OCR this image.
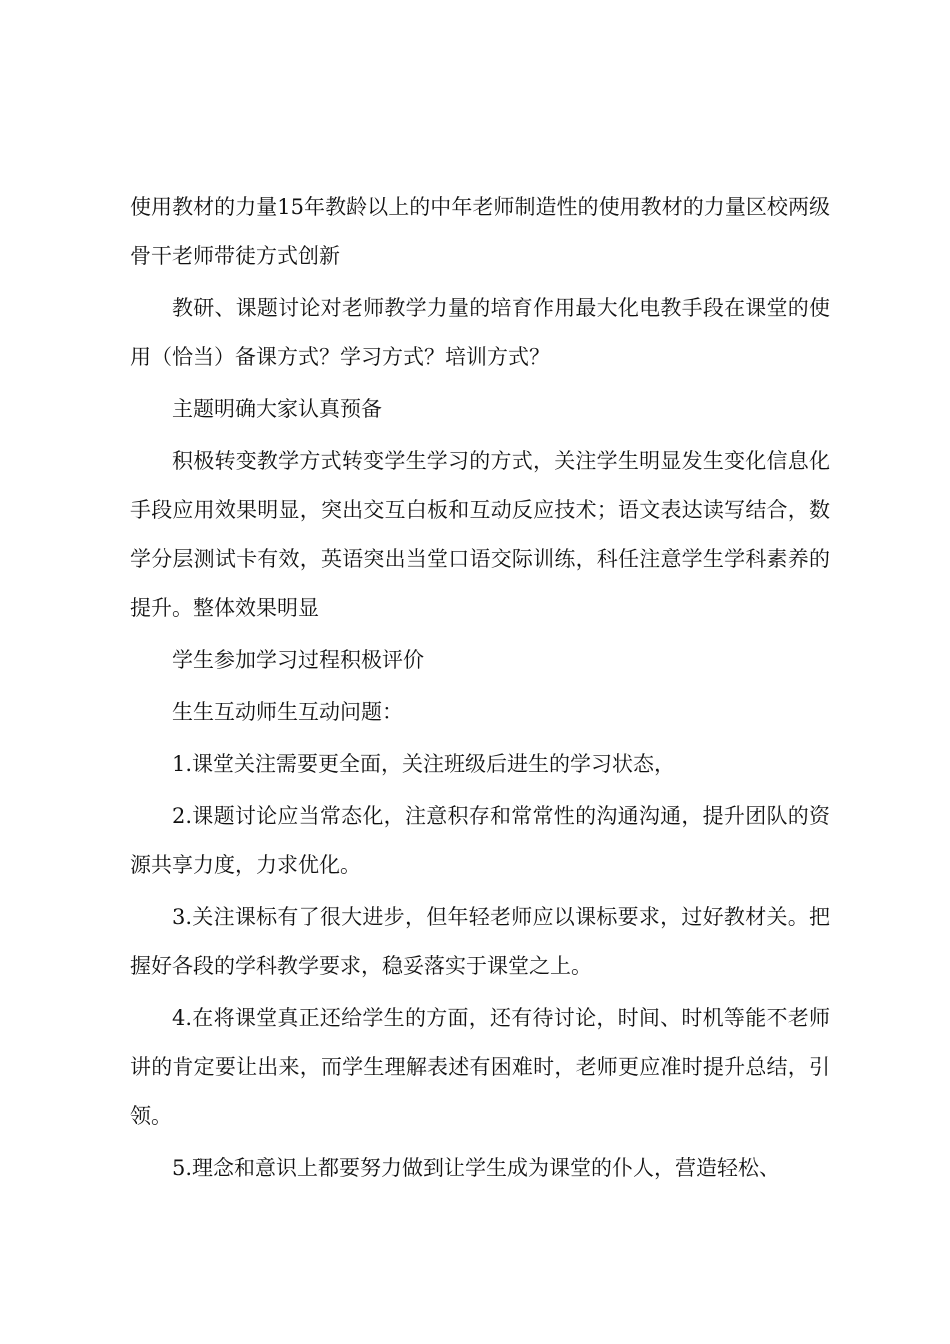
使用教材的力量15年教龄以上的中年老师制造性的使用教材的力量区校两级骨干老师带徒方式创新

教研、课题讨论对老师教学力量的培育作用最大化电教手段在课堂的使用（恰当）备课方式？学习方式？培训方式？

主题明确大家认真预备

积极转变教学方式转变学生学习的方式，关注学生明显发生变化信息化手段应用效果明显，突出交互白板和互动反应技术；语文表达读写结合，数学分层测试卡有效，英语突出当堂口语交际训练，科任注意学生学科素养的提升。整体效果明显

学生参加学习过程积极评价

生生互动师生互动问题：

1.课堂关注需要更全面，关注班级后进生的学习状态，

2.课题讨论应当常态化，注意积存和常常性的沟通沟通，提升团队的资源共享力度，力求优化。

3.关注课标有了很大进步，但年轻老师应以课标要求，过好教材关。把握好各段的学科教学要求，稳妥落实于课堂之上。

4.在将课堂真正还给学生的方面，还有待讨论，时间、时机等能不老师讲的肯定要让出来，而学生理解表述有困难时，老师更应准时提升总结，引领。

5.理念和意识上都要努力做到让学生成为课堂的仆人，营造轻松、
